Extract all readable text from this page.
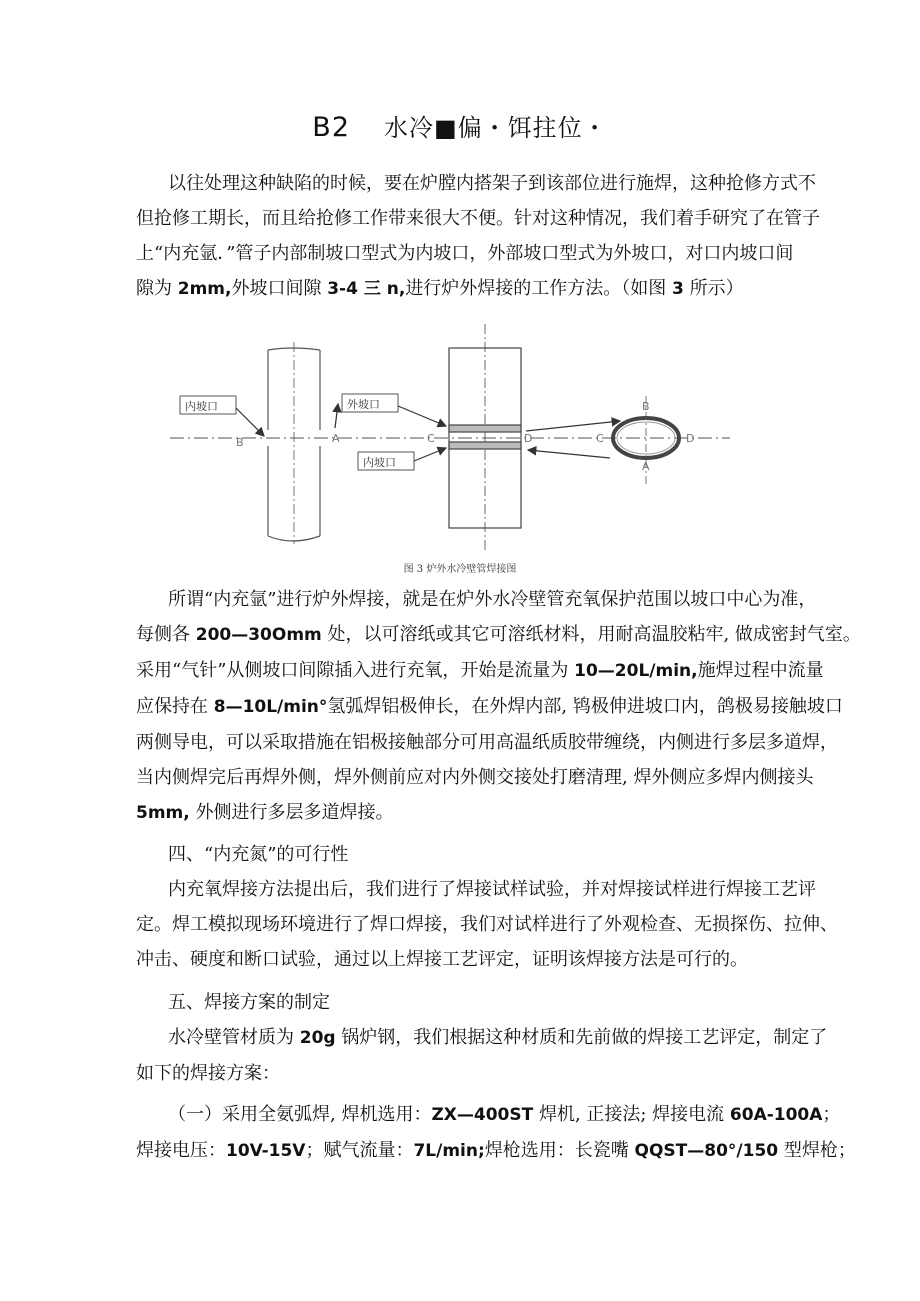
B2 水冷■偏・饵拄位・
以往处理这种缺陷的时候，要在炉膛内搭架子到该部位进行施焊，这种抢修方式不
但抢修工期长，而且给抢修工作带来很大不便。针对这种情况，我们着手研究了在管子
上“内充氩．”管子内部制坡口型式为内坡口，外部坡口型式为外坡口，对口内坡口间
隙为 2mm,外坡口间隙 3-4 三 n,进行炉外焊接的工作方法。（如图 3 所示）
内坡口	外坡口
内坡口
B	A	C	D
B
A
C	D
图 3 炉外水冷壁管焊接图
所谓“内充氩”进行炉外焊接，就是在炉外水冷壁管充氧保护范围以坡口中心为准，
每侧各 200—30Omm 处，以可溶纸或其它可溶纸材料，用耐高温胶粘牢, 做成密封气室。
采用“气针”从侧坡口间隙插入进行充氧，开始是流量为 10—20L/min,施焊过程中流量
应保持在 8—10L/min°氢弧焊铝极伸长，在外焊内部, 鸨极伸进坡口内，鸽极易接触坡口
两侧导电，可以采取措施在铝极接触部分可用高温纸质胶带缠绕，内侧进行多层多道焊，
当内侧焊完后再焊外侧，焊外侧前应对内外侧交接处打磨清理, 焊外侧应多焊内侧接头
5mm, 外侧进行多层多道焊接。
四、“内充氮”的可行性
内充氧焊接方法提出后，我们进行了焊接试样试验，并对焊接试样进行焊接工艺评
定。焊工模拟现场环境进行了焊口焊接，我们对试样进行了外观检查、无损探伤、拉伸、
冲击、硬度和断口试验，通过以上焊接工艺评定，证明该焊接方法是可行的。
五、焊接方案的制定
水冷壁管材质为 20g 锅炉钢，我们根据这种材质和先前做的焊接工艺评定，制定了
如下的焊接方案：
（一）采用全氨弧焊, 焊机选用：ZX—400ST 焊机, 正接法; 焊接电流 60A-100A；
焊接电压：10V-15V；赋气流量：7L/min;焊枪选用：长瓷嘴 QQST—80°/150 型焊枪；
